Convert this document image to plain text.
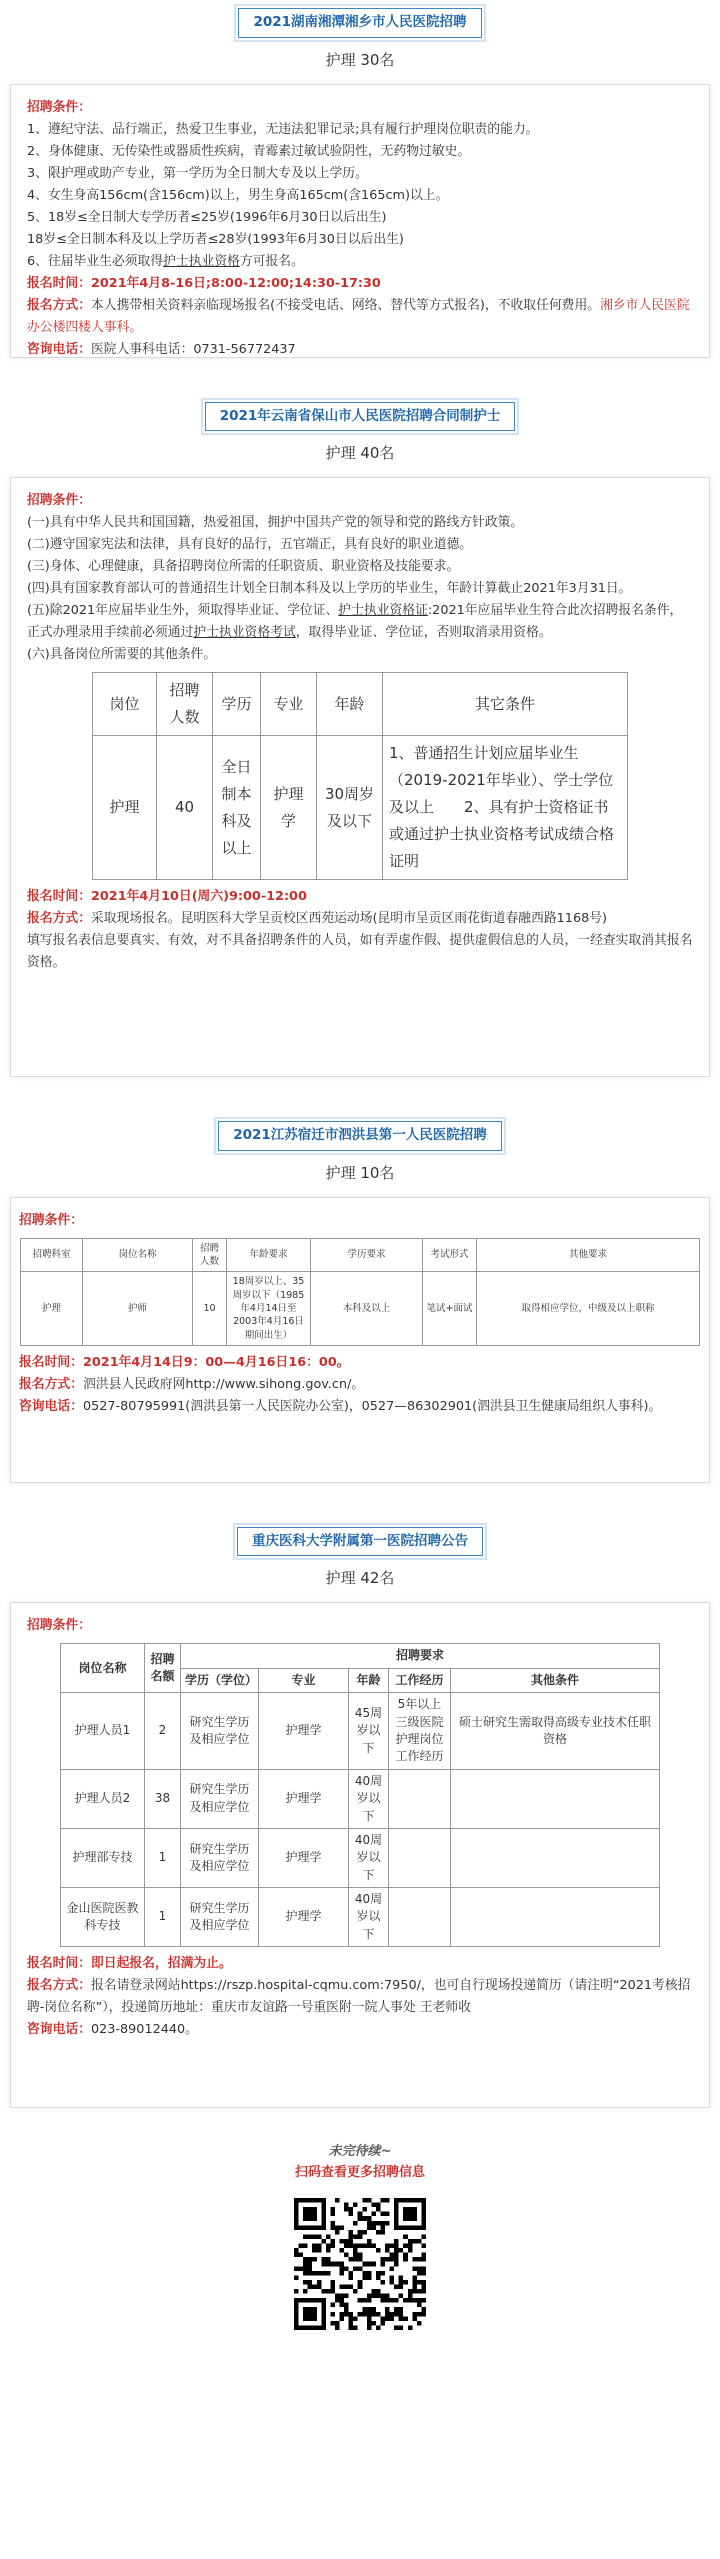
2021湖南湘潭湘乡市人民医院招聘
护理 30名
招聘条件：
1、遵纪守法、品行端正，热爱卫生事业，无违法犯罪记录;具有履行护理岗位职责的能力。
2、身体健康、无传染性或器质性疾病，青霉素过敏试验阴性，无药物过敏史。
3、限护理或助产专业，第一学历为全日制大专及以上学历。
4、女生身高156cm(含156cm)以上，男生身高165cm(含165cm)以上。
5、18岁≤全日制大专学历者≤25岁(1996年6月30日以后出生)
18岁≤全日制本科及以上学历者≤28岁(1993年6月30日以后出生)
6、往届毕业生必须取得护士执业资格方可报名。
报名时间：2021年4月8-16日;8:00-12:00;14:30-17:30
报名方式：本人携带相关资料亲临现场报名(不接受电话、网络、替代等方式报名)，不收取任何费用。湘乡市人民医院办公楼四楼人事科。
咨询电话：医院人事科电话：0731-56772437
2021年云南省保山市人民医院招聘合同制护士
护理 40名
招聘条件：
(一)具有中华人民共和国国籍，热爱祖国，拥护中国共产党的领导和党的路线方针政策。
(二)遵守国家宪法和法律，具有良好的品行，五官端正，具有良好的职业道德。
(三)身体、心理健康，具备招聘岗位所需的任职资质、职业资格及技能要求。
(四)具有国家教育部认可的普通招生计划全日制本科及以上学历的毕业生，年龄计算截止2021年3月31日。
(五)除2021年应届毕业生外，须取得毕业证、学位证、护士执业资格证:2021年应届毕业生符合此次招聘报名条件，正式办理录用手续前必须通过护士执业资格考试，取得毕业证、学位证，否则取消录用资格。
(六)具备岗位所需要的其他条件。
岗位	招聘人数	学历	专业	年龄	其它条件
护理	40	全日制本科及以上	护理学	30周岁及以下	1、普通招生计划应届毕业生（2019-2021年毕业）、学士学位及以上　　2、具有护士资格证书或通过护士执业资格考试成绩合格证明
报名时间：2021年4月10日(周六)9:00-12:00
报名方式：采取现场报名。昆明医科大学呈贡校区西苑运动场(昆明市呈贡区雨花街道春融西路1168号)
填写报名表信息要真实、有效，对不具备招聘条件的人员，如有弄虚作假、提供虚假信息的人员，一经查实取消其报名资格。
2021江苏宿迁市泗洪县第一人民医院招聘
护理 10名
招聘条件：
招聘科室	岗位名称	招聘人数	年龄要求	学历要求	考试形式	其他要求
护理	护师	10	18周岁以上、35周岁以下（1985年4月14日至2003年4月16日期间出生）	本科及以上	笔试+面试	取得相应学位，中级及以上职称
报名时间：2021年4月14日9：00—4月16日16：00。
报名方式：泗洪县人民政府网http://www.sihong.gov.cn/。
咨询电话：0527-80795991(泗洪县第一人民医院办公室)，0527—86302901(泗洪县卫生健康局组织人事科)。
重庆医科大学附属第一医院招聘公告
护理 42名
招聘条件：
岗位名称	招聘名额	招聘要求				
		学历（学位）	专业	年龄	工作经历	其他条件
护理人员1	2	研究生学历及相应学位	护理学	45周岁以下	5年以上三级医院护理岗位工作经历	硕士研究生需取得高级专业技术任职资格
护理人员2	38	研究生学历及相应学位	护理学	40周岁以下		
护理部专技	1	研究生学历及相应学位	护理学	40周岁以下		
金山医院医教科专技	1	研究生学历及相应学位	护理学	40周岁以下		
报名时间：即日起报名，招满为止。
报名方式：报名请登录网站https://rszp.hospital-cqmu.com:7950/，也可自行现场投递简历（请注明“2021考核招聘-岗位名称”），投递简历地址：重庆市友谊路一号重医附一院人事处 王老师收
咨询电话：023-89012440。
未完待续~
扫码查看更多招聘信息
